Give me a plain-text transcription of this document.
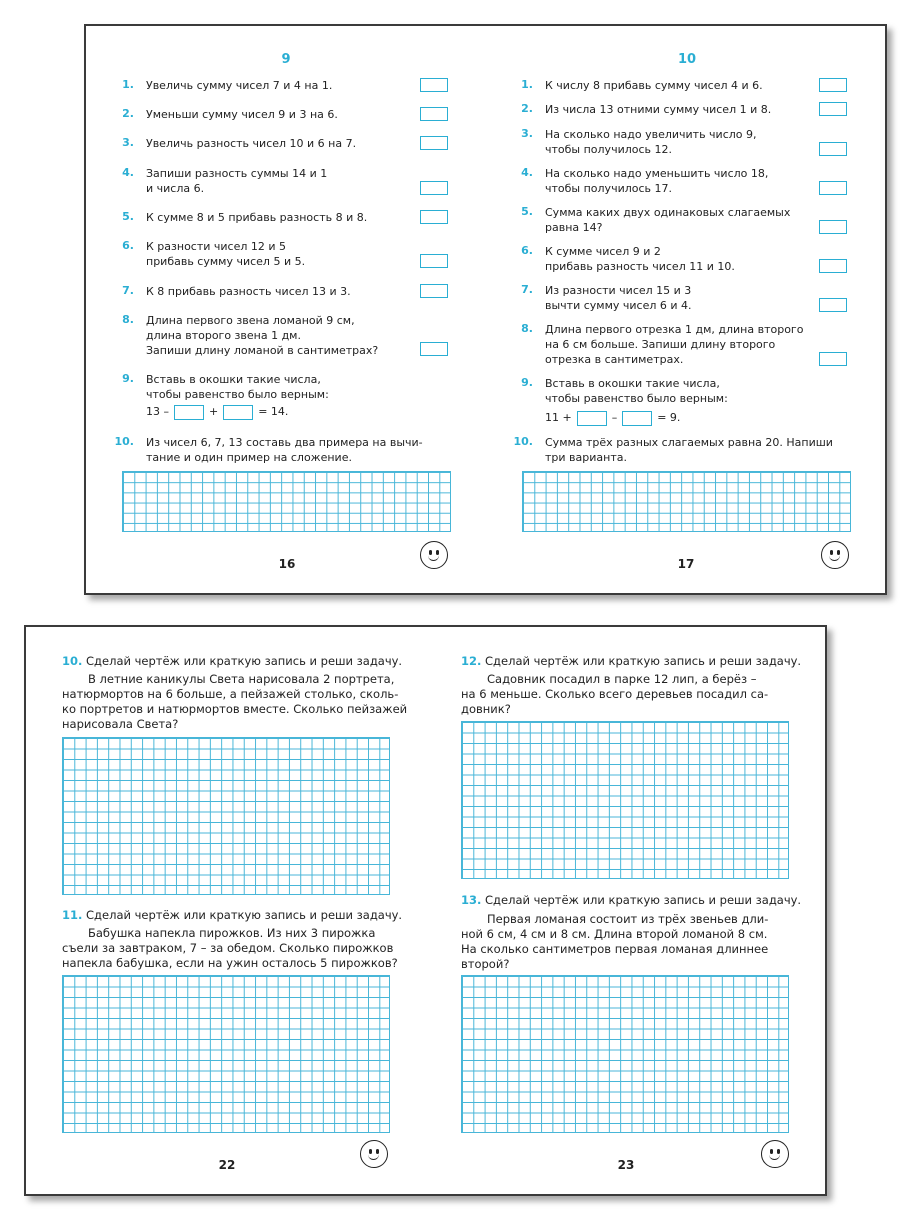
9
1. Увеличь сумму чисел 7 и 4 на 1.
2. Уменьши сумму чисел 9 и 3 на 6.
3. Увеличь разность чисел 10 и 6 на 7.
4. Запиши разность суммы 14 и 1
и числа 6.
5. К сумме 8 и 5 прибавь разность 8 и 8.
6. К разности чисел 12 и 5
прибавь сумму чисел 5 и 5.
7. К 8 прибавь разность чисел 13 и 3.
8. Длина первого звена ломаной 9 см,
длина второго звена 1 дм.
Запиши длину ломаной в сантиметрах?
9. Вставь в окошки такие числа,
чтобы равенство было верным:
13 –	+	= 14.
10. Из чисел 6, 7, 13 составь два примера на вычи-
тание и один пример на сложение.
16
10
1. К числу 8 прибавь сумму чисел 4 и 6.
2. Из числа 13 отними сумму чисел 1 и 8.
3. На сколько надо увеличить число 9,
чтобы получилось 12.
4. На сколько надо уменьшить число 18,
чтобы получилось 17.
5. Сумма каких двух одинаковых слагаемых
равна 14?
6. К сумме чисел 9 и 2
прибавь разность чисел 11 и 10.
7. Из разности чисел 15 и 3
вычти сумму чисел 6 и 4.
8. Длина первого отрезка 1 дм, длина второго
на 6 см больше. Запиши длину второго
отрезка в сантиметрах.
9. Вставь в окошки такие числа,
чтобы равенство было верным:
11 +	–	= 9.
10. Сумма трёх разных слагаемых равна 20. Напиши
три варианта.
17
10. Сделай чертёж или краткую запись и реши задачу.
В летние каникулы Света нарисовала 2 портрета,
натюрмортов на 6 больше, а пейзажей столько, сколь-
ко портретов и натюрмортов вместе. Сколько пейзажей
нарисовала Света?
11. Сделай чертёж или краткую запись и реши задачу.
Бабушка напекла пирожков. Из них 3 пирожка
съели за завтраком, 7 – за обедом. Сколько пирожков
напекла бабушка, если на ужин осталось 5 пирожков?
22
12. Сделай чертёж или краткую запись и реши задачу.
Садовник посадил в парке 12 лип, а берёз –
на 6 меньше. Сколько всего деревьев посадил са-
довник?
13. Сделай чертёж или краткую запись и реши задачу.
Первая ломаная состоит из трёх звеньев дли-
ной 6 см, 4 см и 8 см. Длина второй ломаной 8 см.
На сколько сантиметров первая ломаная длиннее
второй?
23
